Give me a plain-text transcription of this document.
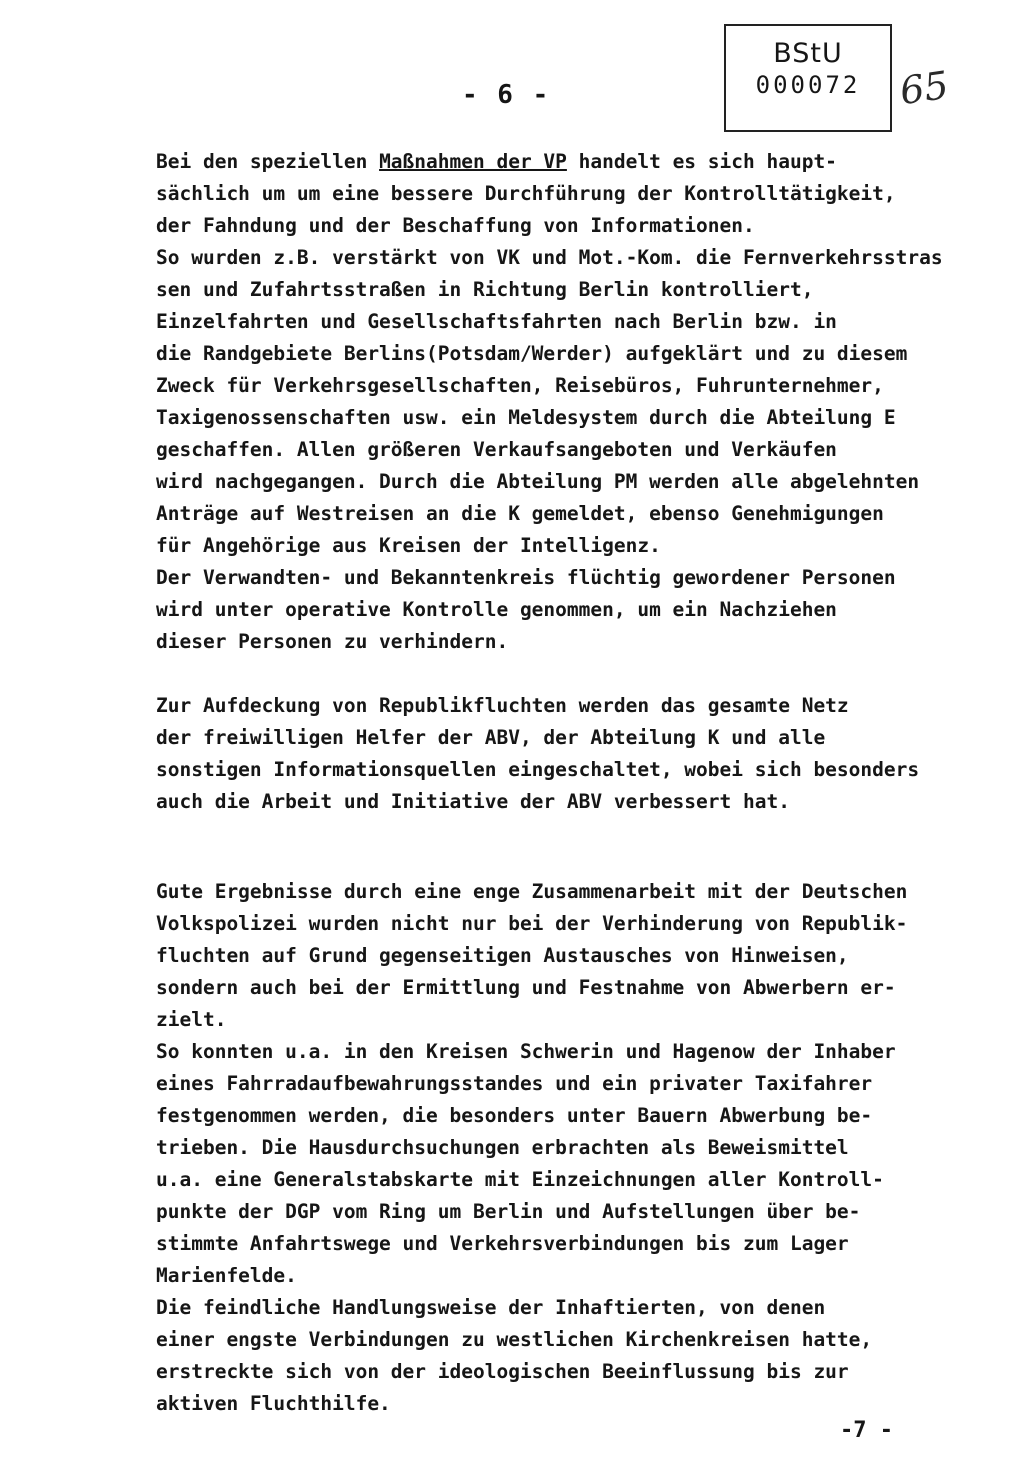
- 6 -
BStU
000072 65
Bei den speziellen Maßnahmen der VP handelt es sich haupt-
sächlich um um eine bessere Durchführung der Kontrolltätigkeit,
der Fahndung und der Beschaffung von Informationen.
So wurden z.B. verstärkt von VK und Mot.-Kom. die Fernverkehrsstras
sen und Zufahrtsstraßen in Richtung Berlin kontrolliert,
Einzelfahrten und Gesellschaftsfahrten nach Berlin bzw. in
die Randgebiete Berlins(Potsdam/Werder) aufgeklärt und zu diesem
Zweck für Verkehrsgesellschaften, Reisebüros, Fuhrunternehmer,
Taxigenossenschaften usw. ein Meldesystem durch die Abteilung E
geschaffen. Allen größeren Verkaufsangeboten und Verkäufen
wird nachgegangen. Durch die Abteilung PM werden alle abgelehnten
Anträge auf Westreisen an die K gemeldet, ebenso Genehmigungen
für Angehörige aus Kreisen der Intelligenz.
Der Verwandten- und Bekanntenkreis flüchtig gewordener Personen
wird unter operative Kontrolle genommen, um ein Nachziehen
dieser Personen zu verhindern.
Zur Aufdeckung von Republikfluchten werden das gesamte Netz
der freiwilligen Helfer der ABV, der Abteilung K und alle
sonstigen Informationsquellen eingeschaltet, wobei sich besonders
auch die Arbeit und Initiative der ABV verbessert hat.
Gute Ergebnisse durch eine enge Zusammenarbeit mit der Deutschen
Volkspolizei wurden nicht nur bei der Verhinderung von Republik-
fluchten auf Grund gegenseitigen Austausches von Hinweisen,
sondern auch bei der Ermittlung und Festnahme von Abwerbern er-
zielt.
So konnten u.a. in den Kreisen Schwerin und Hagenow der Inhaber
eines Fahrradaufbewahrungsstandes und ein privater Taxifahrer
festgenommen werden, die besonders unter Bauern Abwerbung be-
trieben. Die Hausdurchsuchungen erbrachten als Beweismittel
u.a. eine Generalstabskarte mit Einzeichnungen aller Kontroll-
punkte der DGP vom Ring um Berlin und Aufstellungen über be-
stimmte Anfahrtswege und Verkehrsverbindungen bis zum Lager
Marienfelde.
Die feindliche Handlungsweise der Inhaftierten, von denen
einer engste Verbindungen zu westlichen Kirchenkreisen hatte,
erstreckte sich von der ideologischen Beeinflussung bis zur
aktiven Fluchthilfe.
-7 -
